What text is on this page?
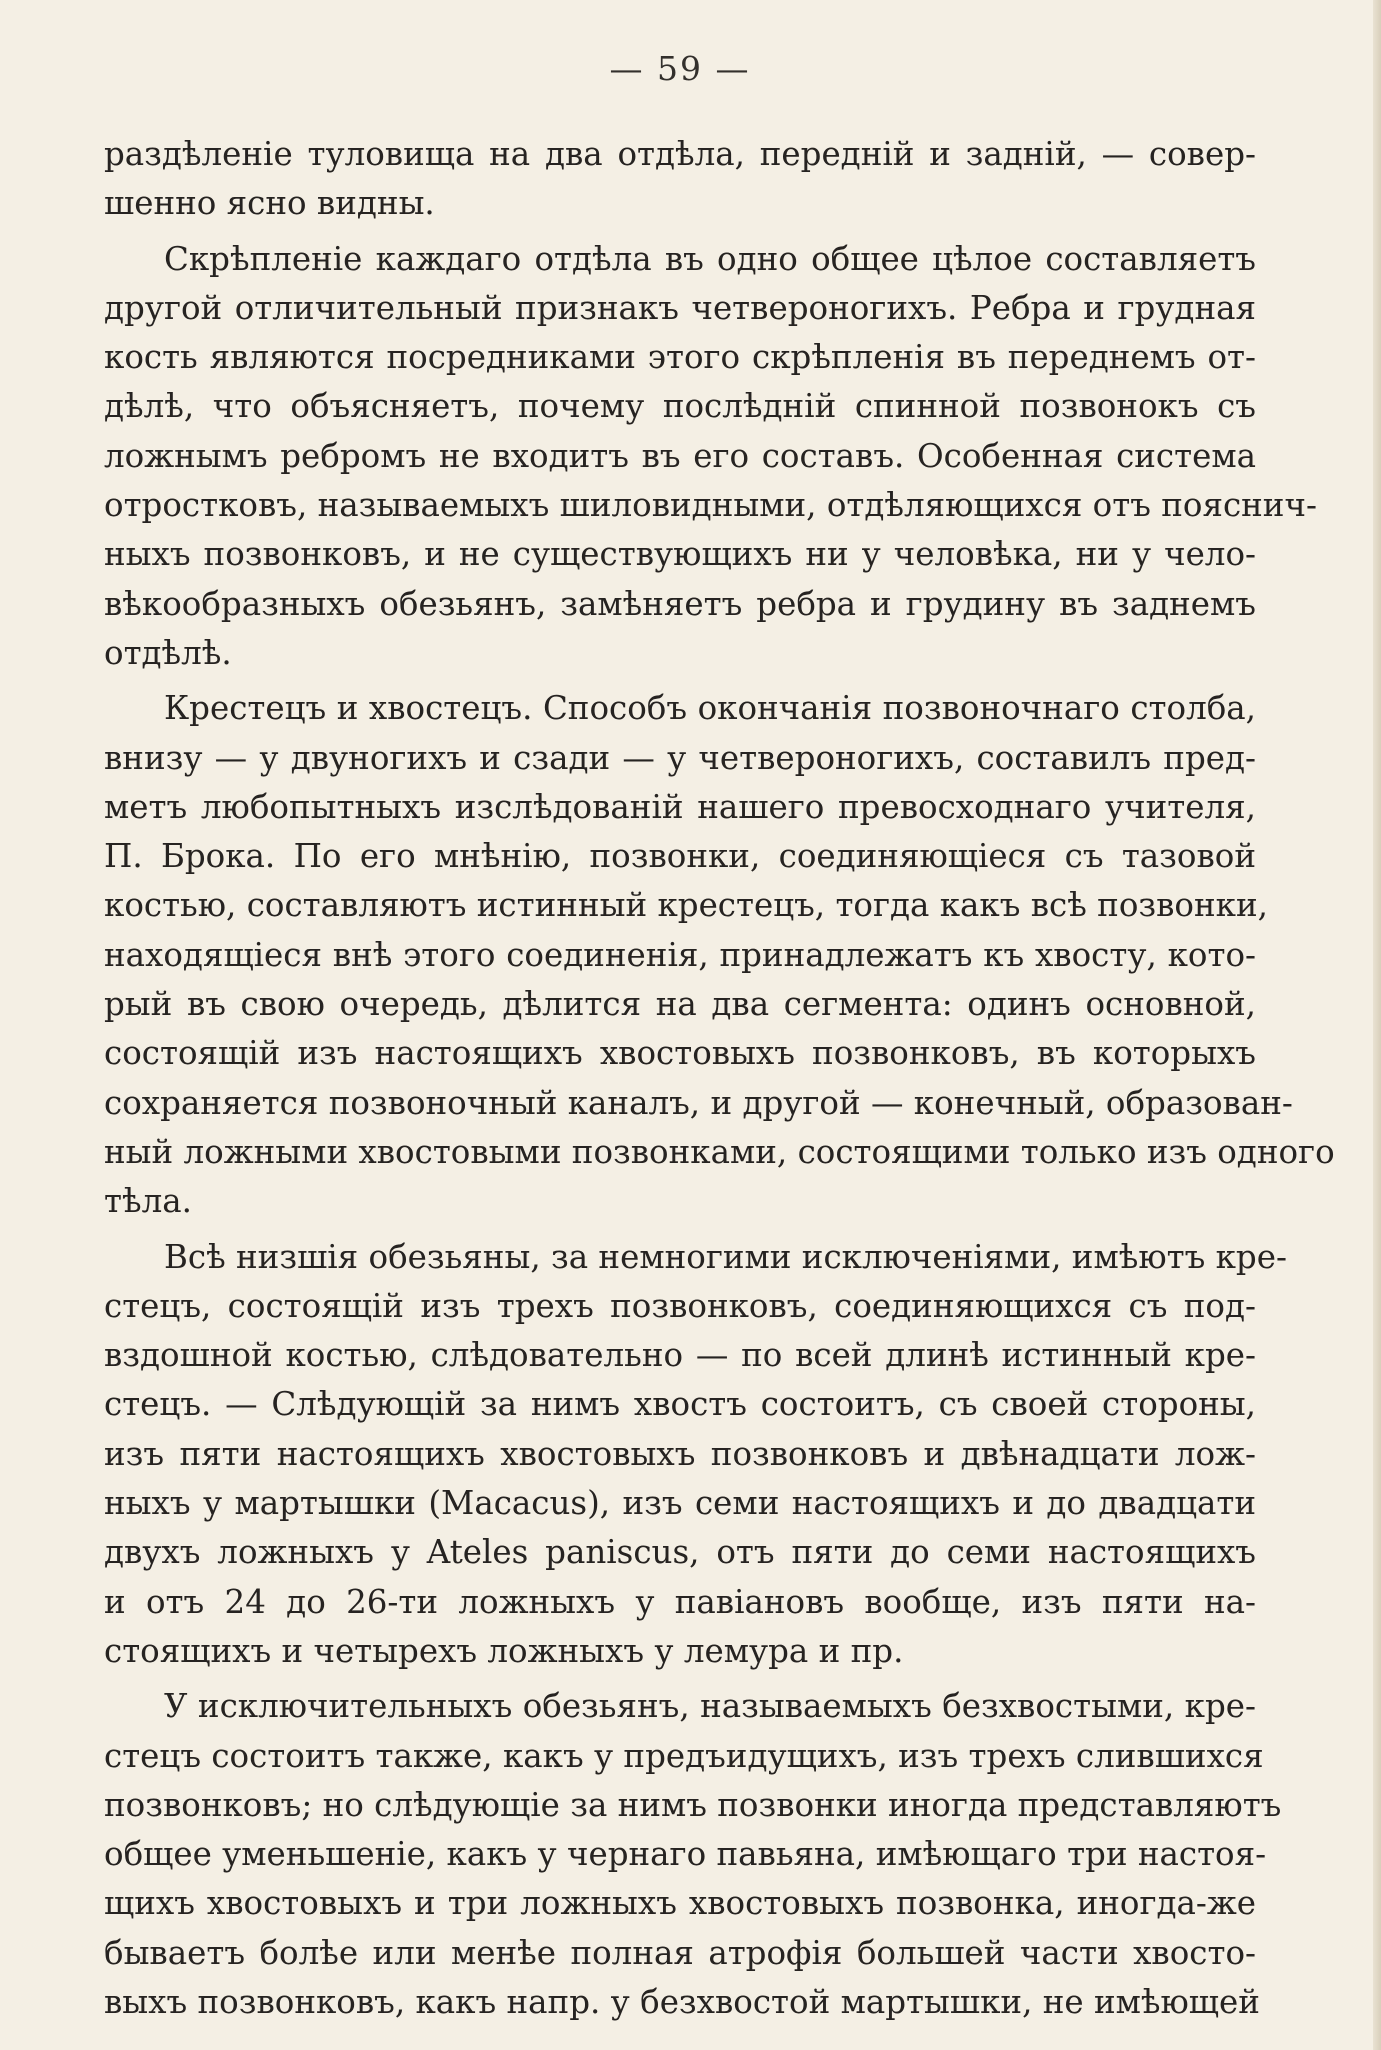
— 59 —

раздѣленіе туловища на два отдѣла, передній и задній, — совер-
шенно ясно видны.

Скрѣпленіе каждаго отдѣла въ одно общее цѣлое составляетъ
другой отличительный признакъ четвероногихъ. Ребра и грудная
кость являются посредниками этого скрѣпленія въ переднемъ от-
дѣлѣ, что объясняетъ, почему послѣдній спинной позвонокъ съ
ложнымъ ребромъ не входитъ въ его составъ. Особенная система
отростковъ, называемыхъ шиловидными, отдѣляющихся отъ пояснич-
ныхъ позвонковъ, и не существующихъ ни у человѣка, ни у чело-
вѣкообразныхъ обезьянъ, замѣняетъ ребра и грудину въ заднемъ
отдѣлѣ.

Крестецъ и хвостецъ. Способъ окончанія позвоночнаго столба,
внизу — у двуногихъ и сзади — у четвероногихъ, составилъ пред-
метъ любопытныхъ изслѣдованій нашего превосходнаго учителя,
П. Брока. По его мнѣнію, позвонки, соединяющіеся съ тазовой
костью, составляютъ истинный крестецъ, тогда какъ всѣ позвонки,
находящіеся внѣ этого соединенія, принадлежатъ къ хвосту, кото-
рый въ свою очередь, дѣлится на два сегмента: одинъ основной,
состоящій изъ настоящихъ хвостовыхъ позвонковъ, въ которыхъ
сохраняется позвоночный каналъ, и другой — конечный, образован-
ный ложными хвостовыми позвонками, состоящими только изъ одного
тѣла.

Всѣ низшія обезьяны, за немногими исключеніями, имѣютъ кре-
стецъ, состоящій изъ трехъ позвонковъ, соединяющихся съ под-
вздошной костью, слѣдовательно — по всей длинѣ истинный кре-
стецъ. — Слѣдующій за нимъ хвостъ состоитъ, съ своей стороны,
изъ пяти настоящихъ хвостовыхъ позвонковъ и двѣнадцати лож-
ныхъ у мартышки (Macacus), изъ семи настоящихъ и до двадцати
двухъ ложныхъ у Ateles paniscus, отъ пяти до семи настоящихъ
и отъ 24 до 26-ти ложныхъ у павіановъ вообще, изъ пяти на-
стоящихъ и четырехъ ложныхъ у лемура и пр.

У исключительныхъ обезьянъ, называемыхъ безхвостыми, кре-
стецъ состоитъ также, какъ у предъидущихъ, изъ трехъ слившихся
позвонковъ; но слѣдующіе за нимъ позвонки иногда представляютъ
общее уменьшеніе, какъ у чернаго павьяна, имѣющаго три настоя-
щихъ хвостовыхъ и три ложныхъ хвостовыхъ позвонка, иногда-же
бываетъ болѣе или менѣе полная атрофія большей части хвосто-
выхъ позвонковъ, какъ напр. у безхвостой мартышки, не имѣющей
